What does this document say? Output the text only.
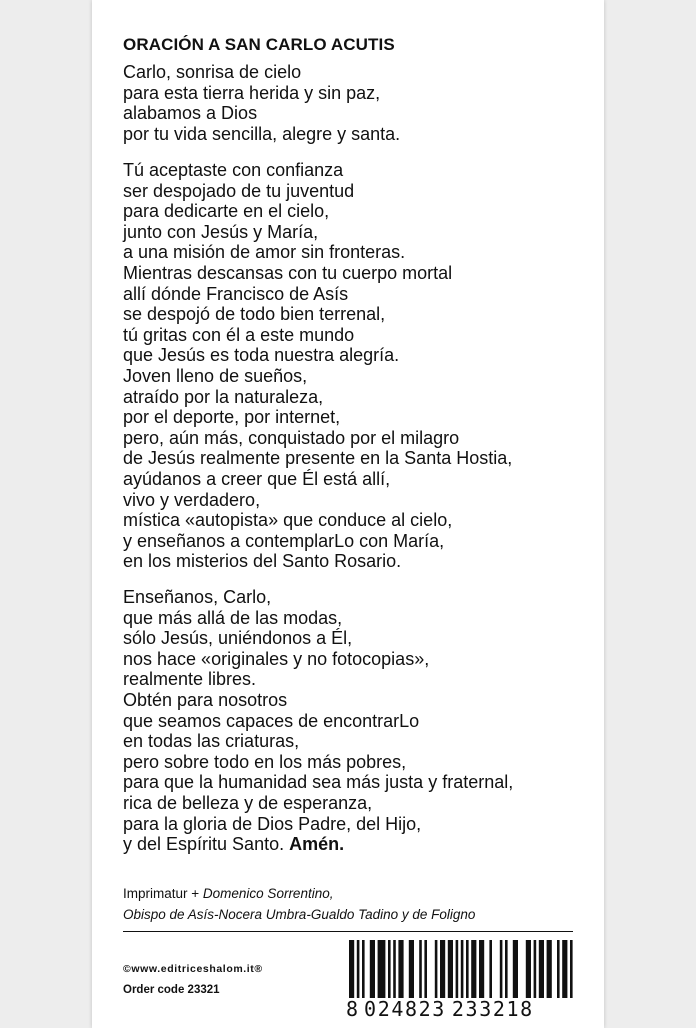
ORACIÓN A SAN CARLO ACUTIS
Carlo, sonrisa de cielo
para esta tierra herida y sin paz,
alabamos a Dios
por tu vida sencilla, alegre y santa.
Tú aceptaste con confianza
ser despojado de tu juventud
para dedicarte en el cielo,
junto con Jesús y María,
a una misión de amor sin fronteras.
Mientras descansas con tu cuerpo mortal
allí dónde Francisco de Asís
se despojó de todo bien terrenal,
tú gritas con él a este mundo
que Jesús es toda nuestra alegría.
Joven lleno de sueños,
atraído por la naturaleza,
por el deporte, por internet,
pero, aún más, conquistado por el milagro
de Jesús realmente presente en la Santa Hostia,
ayúdanos a creer que Él está allí,
vivo y verdadero,
mística «autopista» que conduce al cielo,
y enseñanos a contemplarLo con María,
en los misterios del Santo Rosario.
Enseñanos, Carlo,
que más allá de las modas,
sólo Jesús, uniéndonos a Él,
nos hace «originales y no fotocopias»,
realmente libres.
Obtén para nosotros
que seamos capaces de encontrarLo
en todas las criaturas,
pero sobre todo en los más pobres,
para que la humanidad sea más justa y fraternal,
rica de belleza y de esperanza,
para la gloria de Dios Padre, del Hijo,
y del Espíritu Santo. Amén.
Imprimatur + Domenico Sorrentino,
Obispo de Asís-Nocera Umbra-Gualdo Tadino y de Foligno
©www.editriceshalom.it®
Order code 23321
8 024823 233218
